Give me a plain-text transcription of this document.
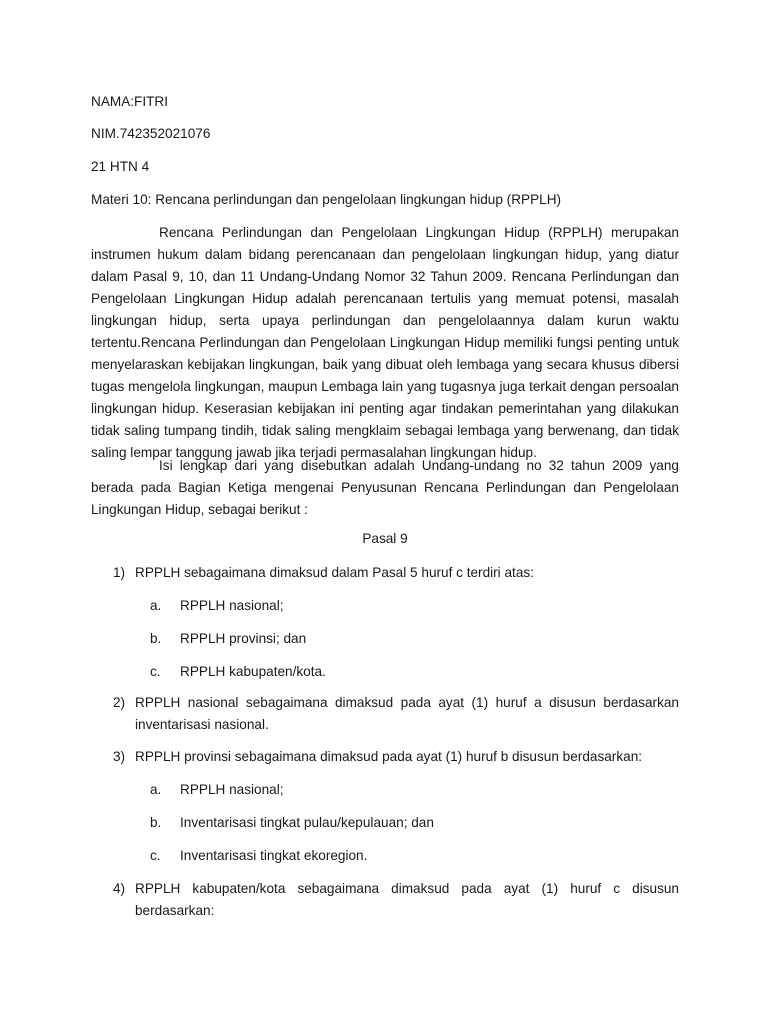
NAMA:FITRI
NIM.742352021076
21 HTN 4
Materi 10: Rencana perlindungan dan pengelolaan lingkungan hidup (RPPLH)

Rencana Perlindungan dan Pengelolaan Lingkungan Hidup (RPPLH) merupakan instrumen hukum dalam bidang perencanaan dan pengelolaan lingkungan hidup, yang diatur dalam Pasal 9, 10, dan 11 Undang-Undang Nomor 32 Tahun 2009. Rencana Perlindungan dan Pengelolaan Lingkungan Hidup adalah perencanaan tertulis yang memuat potensi, masalah lingkungan hidup, serta upaya perlindungan dan pengelolaannya dalam kurun waktu tertentu.Rencana Perlindungan dan Pengelolaan Lingkungan Hidup memiliki fungsi penting untuk menyelaraskan kebijakan lingkungan, baik yang dibuat oleh lembaga yang secara khusus dibersi tugas mengelola lingkungan, maupun Lembaga lain yang tugasnya juga terkait dengan persoalan lingkungan hidup. Keserasian kebijakan ini penting agar tindakan pemerintahan yang dilakukan tidak saling tumpang tindih, tidak saling mengklaim sebagai lembaga yang berwenang, dan tidak saling lempar tanggung jawab jika terjadi permasalahan lingkungan hidup.

Isi lengkap dari yang disebutkan adalah Undang-undang no 32 tahun 2009 yang berada pada Bagian Ketiga mengenai Penyusunan Rencana Perlindungan dan Pengelolaan Lingkungan Hidup, sebagai berikut :

Pasal 9
1) RPPLH sebagaimana dimaksud dalam Pasal 5 huruf c terdiri atas:
a. RPPLH nasional;
b. RPPLH provinsi; dan
c. RPPLH kabupaten/kota.
2) RPPLH nasional sebagaimana dimaksud pada ayat (1) huruf a disusun berdasarkan inventarisasi nasional.
3) RPPLH provinsi sebagaimana dimaksud pada ayat (1) huruf b disusun berdasarkan:
a. RPPLH nasional;
b. Inventarisasi tingkat pulau/kepulauan; dan
c. Inventarisasi tingkat ekoregion.
4) RPPLH kabupaten/kota sebagaimana dimaksud pada ayat (1) huruf c disusun berdasarkan:
